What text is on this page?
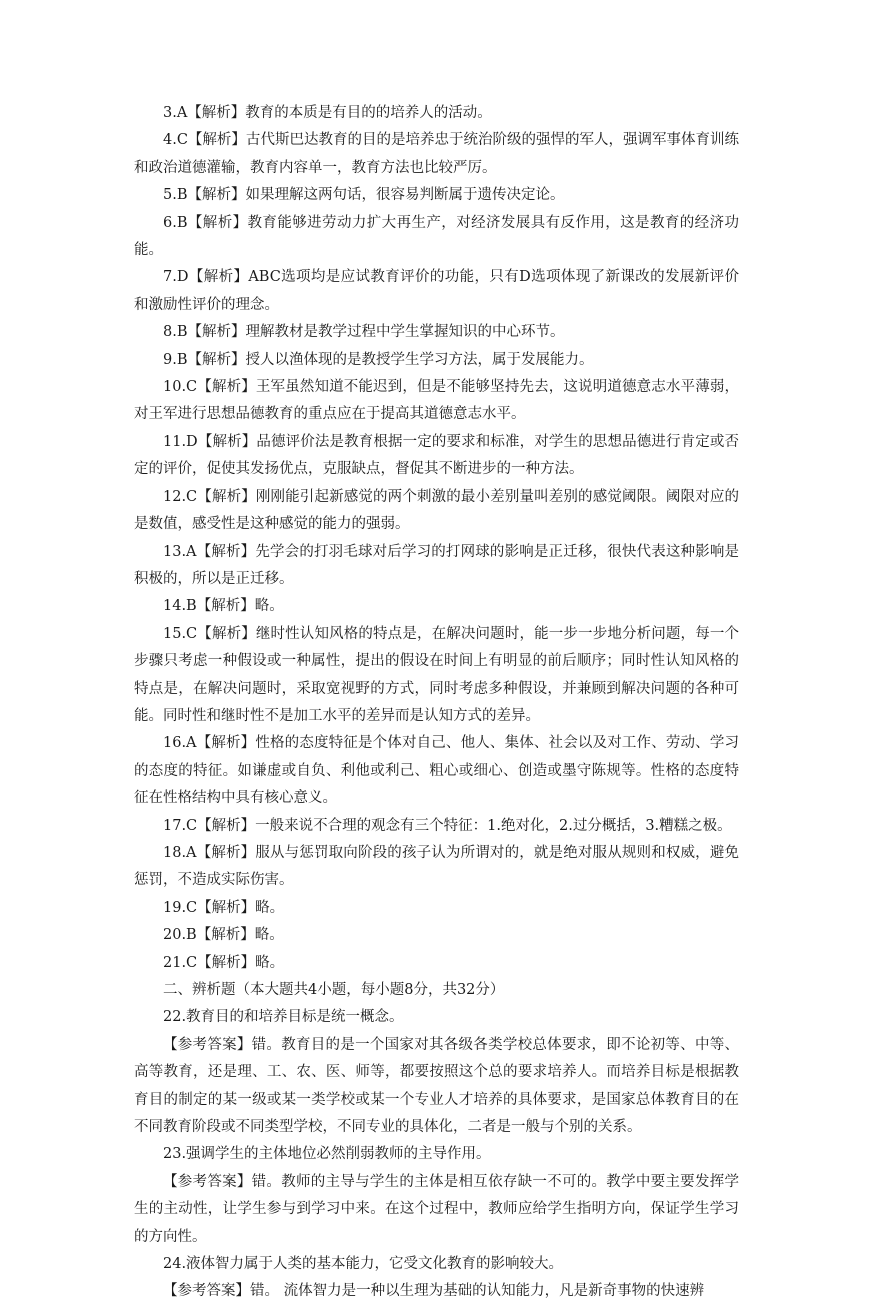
3.A【解析】教育的本质是有目的的培养人的活动。

4.C【解析】古代斯巴达教育的目的是培养忠于统治阶级的强悍的军人，强调军事体育训练和政治道德灌输，教育内容单一，教育方法也比较严厉。

5.B【解析】如果理解这两句话，很容易判断属于遗传决定论。

6.B【解析】教育能够进劳动力扩大再生产，对经济发展具有反作用，这是教育的经济功能。

7.D【解析】ABC选项均是应试教育评价的功能，只有D选项体现了新课改的发展新评价和激励性评价的理念。

8.B【解析】理解教材是教学过程中学生掌握知识的中心环节。

9.B【解析】授人以渔体现的是教授学生学习方法，属于发展能力。

10.C【解析】王军虽然知道不能迟到，但是不能够坚持先去，这说明道德意志水平薄弱，对王军进行思想品德教育的重点应在于提高其道德意志水平。

11.D【解析】品德评价法是教育根据一定的要求和标准，对学生的思想品德进行肯定或否定的评价，促使其发扬优点，克服缺点，督促其不断进步的一种方法。

12.C【解析】刚刚能引起新感觉的两个刺激的最小差别量叫差别的感觉阈限。阈限对应的是数值，感受性是这种感觉的能力的强弱。

13.A【解析】先学会的打羽毛球对后学习的打网球的影响是正迁移，很快代表这种影响是积极的，所以是正迁移。

14.B【解析】略。

15.C【解析】继时性认知风格的特点是，在解决问题时，能一步一步地分析问题，每一个步骤只考虑一种假设或一种属性，提出的假设在时间上有明显的前后顺序；同时性认知风格的特点是，在解决问题时，采取宽视野的方式，同时考虑多种假设，并兼顾到解决问题的各种可能。同时性和继时性不是加工水平的差异而是认知方式的差异。

16.A【解析】性格的态度特征是个体对自己、他人、集体、社会以及对工作、劳动、学习的态度的特征。如谦虚或自负、利他或利己、粗心或细心、创造或墨守陈规等。性格的态度特征在性格结构中具有核心意义。

17.C【解析】一般来说不合理的观念有三个特征：1.绝对化，2.过分概括，3.糟糕之极。

18.A【解析】服从与惩罚取向阶段的孩子认为所谓对的，就是绝对服从规则和权威，避免惩罚，不造成实际伤害。

19.C【解析】略。

20.B【解析】略。

21.C【解析】略。

二、辨析题（本大题共4小题，每小题8分，共32分）

22.教育目的和培养目标是统一概念。

【参考答案】错。教育目的是一个国家对其各级各类学校总体要求，即不论初等、中等、高等教育，还是理、工、农、医、师等，都要按照这个总的要求培养人。而培养目标是根据教育目的制定的某一级或某一类学校或某一个专业人才培养的具体要求，是国家总体教育目的在不同教育阶段或不同类型学校，不同专业的具体化，二者是一般与个别的关系。

23.强调学生的主体地位必然削弱教师的主导作用。

【参考答案】错。教师的主导与学生的主体是相互依存缺一不可的。教学中要主要发挥学生的主动性，让学生参与到学习中来。在这个过程中，教师应给学生指明方向，保证学生学习的方向性。

24.液体智力属于人类的基本能力，它受文化教育的影响较大。

【参考答案】错。 流体智力是一种以生理为基础的认知能力，凡是新奇事物的快速辨
